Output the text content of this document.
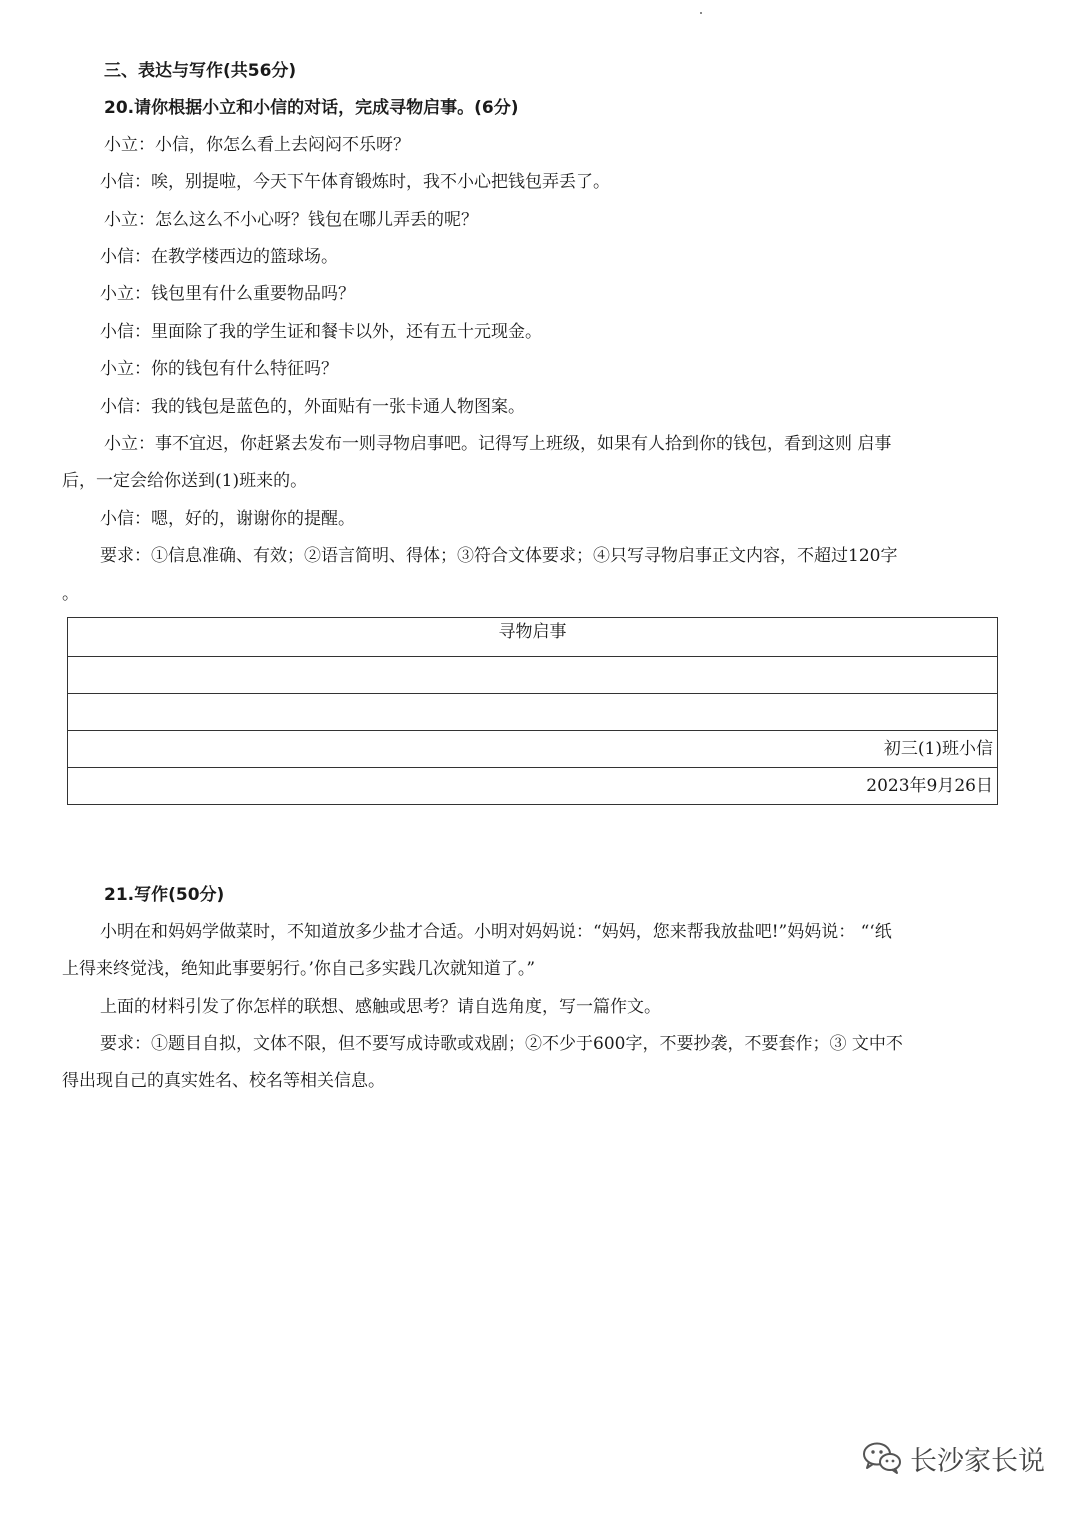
三、表达与写作(共56分)
20.请你根据小立和小信的对话，完成寻物启事。(6分)
小立：小信，你怎么看上去闷闷不乐呀？
小信：唉，别提啦，今天下午体育锻炼时，我不小心把钱包弄丢了。
小立：怎么这么不小心呀？钱包在哪儿弄丢的呢？
小信：在教学楼西边的篮球场。
小立：钱包里有什么重要物品吗？
小信：里面除了我的学生证和餐卡以外，还有五十元现金。
小立：你的钱包有什么特征吗？
小信：我的钱包是蓝色的，外面贴有一张卡通人物图案。
小立：事不宜迟，你赶紧去发布一则寻物启事吧。记得写上班级，如果有人拾到你的钱包，看到这则 启事
后，一定会给你送到(1)班来的。
小信：嗯，好的，谢谢你的提醒。
要求：①信息准确、有效；②语言简明、得体；③符合文体要求；④只写寻物启事正文内容，不超过120字
。
寻物启事

初三(1)班小信
2023年9月26日
21.写作(50分)
小明在和妈妈学做菜时，不知道放多少盐才合适。小明对妈妈说：“妈妈，您来帮我放盐吧!”妈妈说： “‘纸
上得来终觉浅，绝知此事要躬行。’你自己多实践几次就知道了。”
上面的材料引发了你怎样的联想、感触或思考？请自选角度，写一篇作文。
要求：①题目自拟，文体不限，但不要写成诗歌或戏剧；②不少于600字，不要抄袭，不要套作；③ 文中不
得出现自己的真实姓名、校名等相关信息。
长沙家长说
